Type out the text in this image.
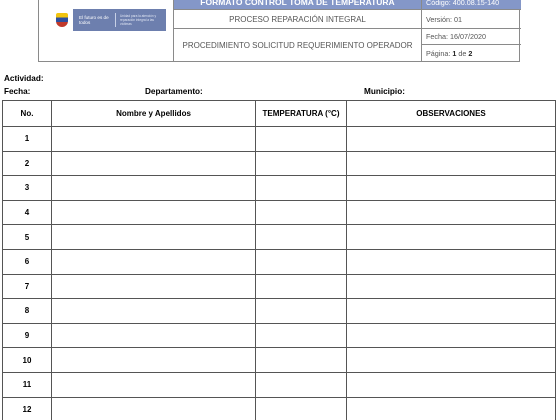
El futuro es de todos
Unidad para la atención y reparación integral a las víctimas
FORMATO CONTROL TOMA DE TEMPERATURA
PROCESO REPARACIÓN INTEGRAL
PROCEDIMIENTO SOLICITUD REQUERIMIENTO OPERADOR
Código: 400.08.15-140
Versión: 01
Fecha: 16/07/2020
Página: 1 de 2
Actividad:
Fecha:	Departamento:	Municipio:
No.	Nombre y Apellidos	TEMPERATURA (°C)	OBSERVACIONES
1			
2			
3			
4			
5			
6			
7			
8			
9			
10			
11			
12			
